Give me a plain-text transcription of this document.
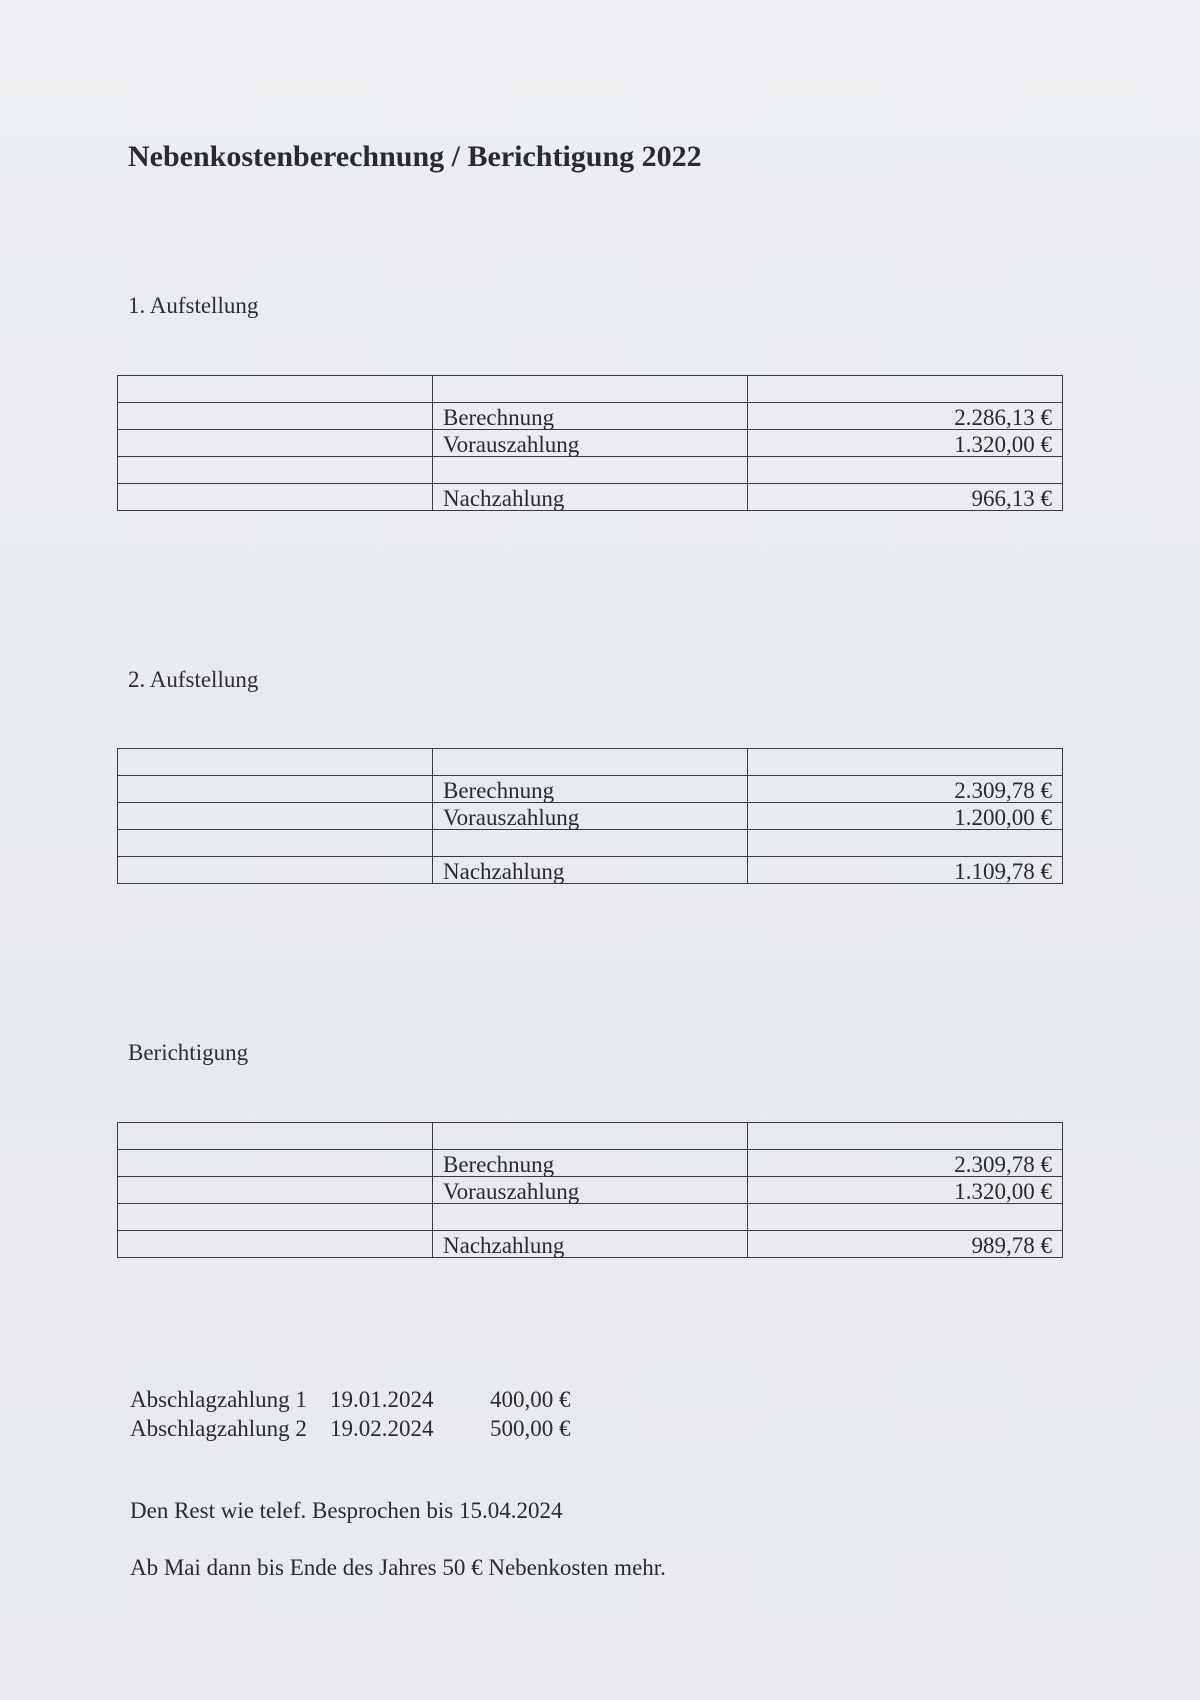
Nebenkostenberechnung / Berichtigung 2022
1. Aufstellung

	Berechnung	2.286,13 €
	Vorauszahlung	1.320,00 €

	Nachzahlung	966,13 €
2. Aufstellung

	Berechnung	2.309,78 €
	Vorauszahlung	1.200,00 €

	Nachzahlung	1.109,78 €
Berichtigung

	Berechnung	2.309,78 €
	Vorauszahlung	1.320,00 €

	Nachzahlung	989,78 €
Abschlagzahlung 1 19.01.2024 400,00 €
Abschlagzahlung 2 19.02.2024 500,00 €
Den Rest wie telef. Besprochen bis 15.04.2024
Ab Mai dann bis Ende des Jahres 50 € Nebenkosten mehr.
